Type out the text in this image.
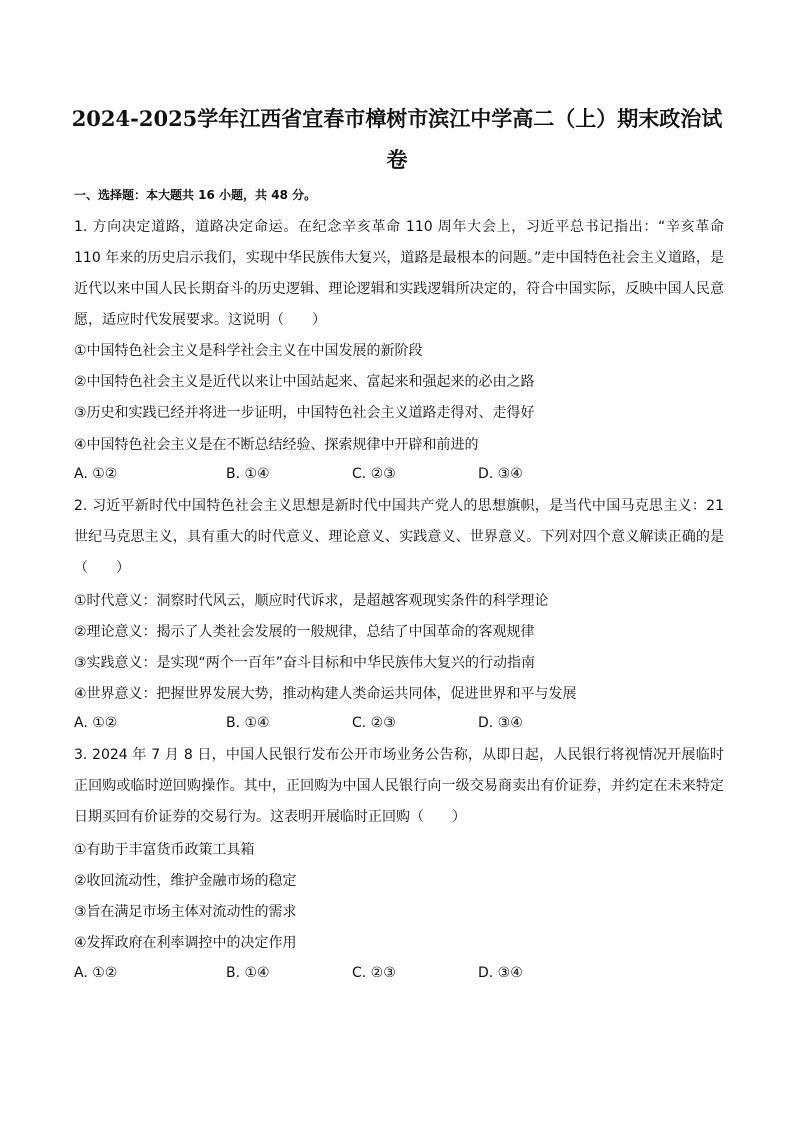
2024-2025学年江西省宜春市樟树市滨江中学高二（上）期末政治试
卷
一、选择题：本大题共 16 小题，共 48 分。
1. 方向决定道路，道路决定命运。在纪念辛亥革命 110 周年大会上，习近平总书记指出：“辛亥革命 110 年来的历史启示我们，实现中华民族伟大复兴，道路是最根本的问题。”走中国特色社会主义道路，是近代以来中国人民长期奋斗的历史逻辑、理论逻辑和实践逻辑所决定的，符合中国实际，反映中国人民意愿，适应时代发展要求。这说明（　　）
①中国特色社会主义是科学社会主义在中国发展的新阶段
②中国特色社会主义是近代以来让中国站起来、富起来和强起来的必由之路
③历史和实践已经并将进一步证明，中国特色社会主义道路走得对、走得好
④中国特色社会主义是在不断总结经验、探索规律中开辟和前进的
A. ①②	B. ①④	C. ②③	D. ③④
2. 习近平新时代中国特色社会主义思想是新时代中国共产党人的思想旗帜，是当代中国马克思主义：21 世纪马克思主义，具有重大的时代意义、理论意义、实践意义、世界意义。下列对四个意义解读正确的是（　　）
①时代意义：洞察时代风云，顺应时代诉求，是超越客观现实条件的科学理论
②理论意义：揭示了人类社会发展的一般规律，总结了中国革命的客观规律
③实践意义：是实现“两个一百年”奋斗目标和中华民族伟大复兴的行动指南
④世界意义：把握世界发展大势，推动构建人类命运共同体，促进世界和平与发展
A. ①②	B. ①④	C. ②③	D. ③④
3. 2024 年 7 月 8 日，中国人民银行发布公开市场业务公告称，从即日起，人民银行将视情况开展临时正回购或临时逆回购操作。其中，正回购为中国人民银行向一级交易商卖出有价证券，并约定在未来特定日期买回有价证券的交易行为。这表明开展临时正回购（　　）
①有助于丰富货币政策工具箱
②收回流动性，维护金融市场的稳定
③旨在满足市场主体对流动性的需求
④发挥政府在利率调控中的决定作用
A. ①②	B. ①④	C. ②③	D. ③④
